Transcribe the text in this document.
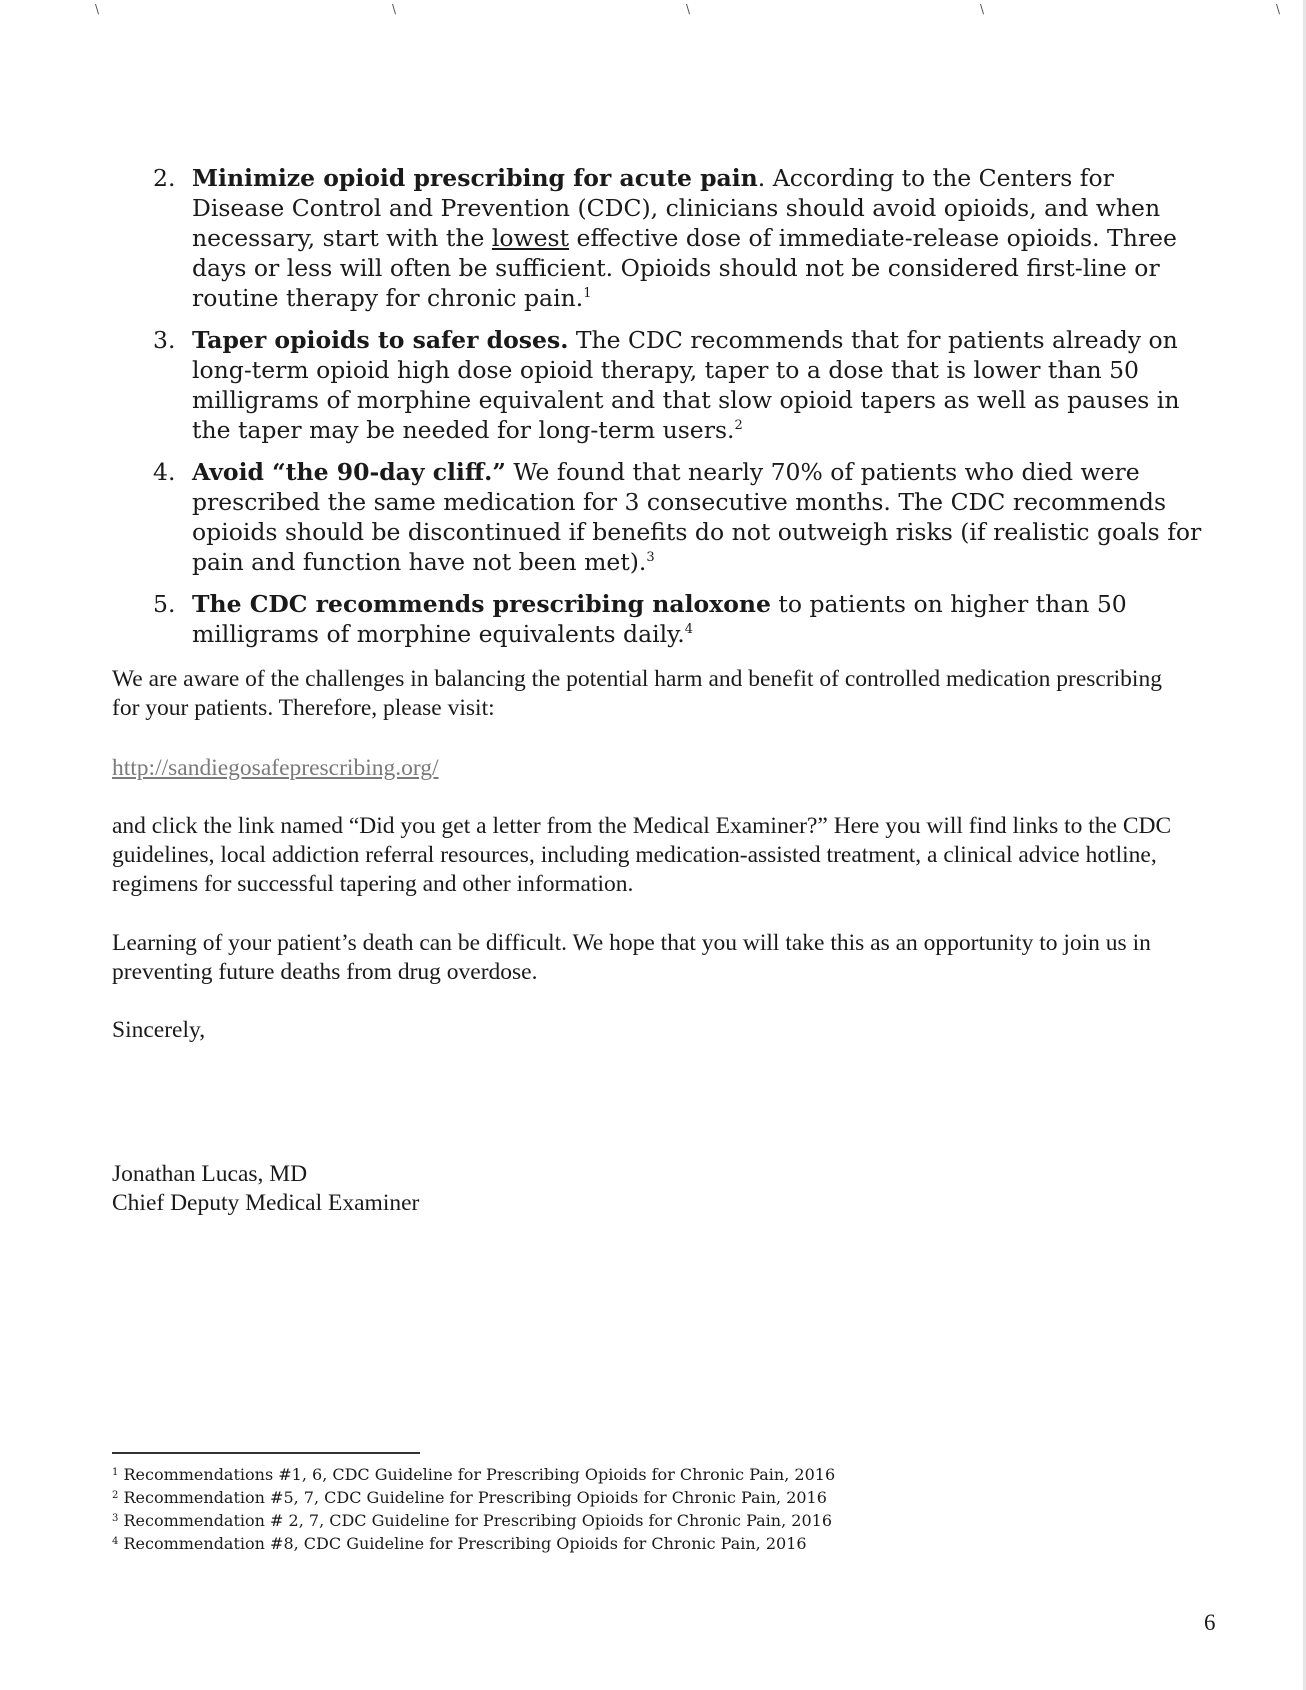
\	\	\	\	\
2. Minimize opioid prescribing for acute pain. According to the Centers for Disease Control and Prevention (CDC), clinicians should avoid opioids, and when necessary, start with the lowest effective dose of immediate-release opioids. Three days or less will often be sufficient. Opioids should not be considered first-line or routine therapy for chronic pain.$^1$
3. Taper opioids to safer doses. The CDC recommends that for patients already on long-term opioid high dose opioid therapy, taper to a dose that is lower than 50 milligrams of morphine equivalent and that slow opioid tapers as well as pauses in the taper may be needed for long-term users.$^2$
4. Avoid “the 90-day cliff.” We found that nearly 70% of patients who died were prescribed the same medication for 3 consecutive months. The CDC recommends opioids should be discontinued if benefits do not outweigh risks (if realistic goals for pain and function have not been met).$^3$
5. The CDC recommends prescribing naloxone to patients on higher than 50 milligrams of morphine equivalents daily.$^4$

We are aware of the challenges in balancing the potential harm and benefit of controlled medication prescribing for your patients. Therefore, please visit:

http://sandiegosafeprescribing.org/

and click the link named “Did you get a letter from the Medical Examiner?” Here you will find links to the CDC guidelines, local addiction referral resources, including medication-assisted treatment, a clinical advice hotline, regimens for successful tapering and other information.

Learning of your patient’s death can be difficult. We hope that you will take this as an opportunity to join us in preventing future deaths from drug overdose.

Sincerely,
Jonathan Lucas, MD
Chief Deputy Medical Examiner
$^1$ Recommendations #1, 6, CDC Guideline for Prescribing Opioids for Chronic Pain, 2016
$^2$ Recommendation #5, 7, CDC Guideline for Prescribing Opioids for Chronic Pain, 2016
$^3$ Recommendation # 2, 7, CDC Guideline for Prescribing Opioids for Chronic Pain, 2016
$^4$ Recommendation #8, CDC Guideline for Prescribing Opioids for Chronic Pain, 2016
6
